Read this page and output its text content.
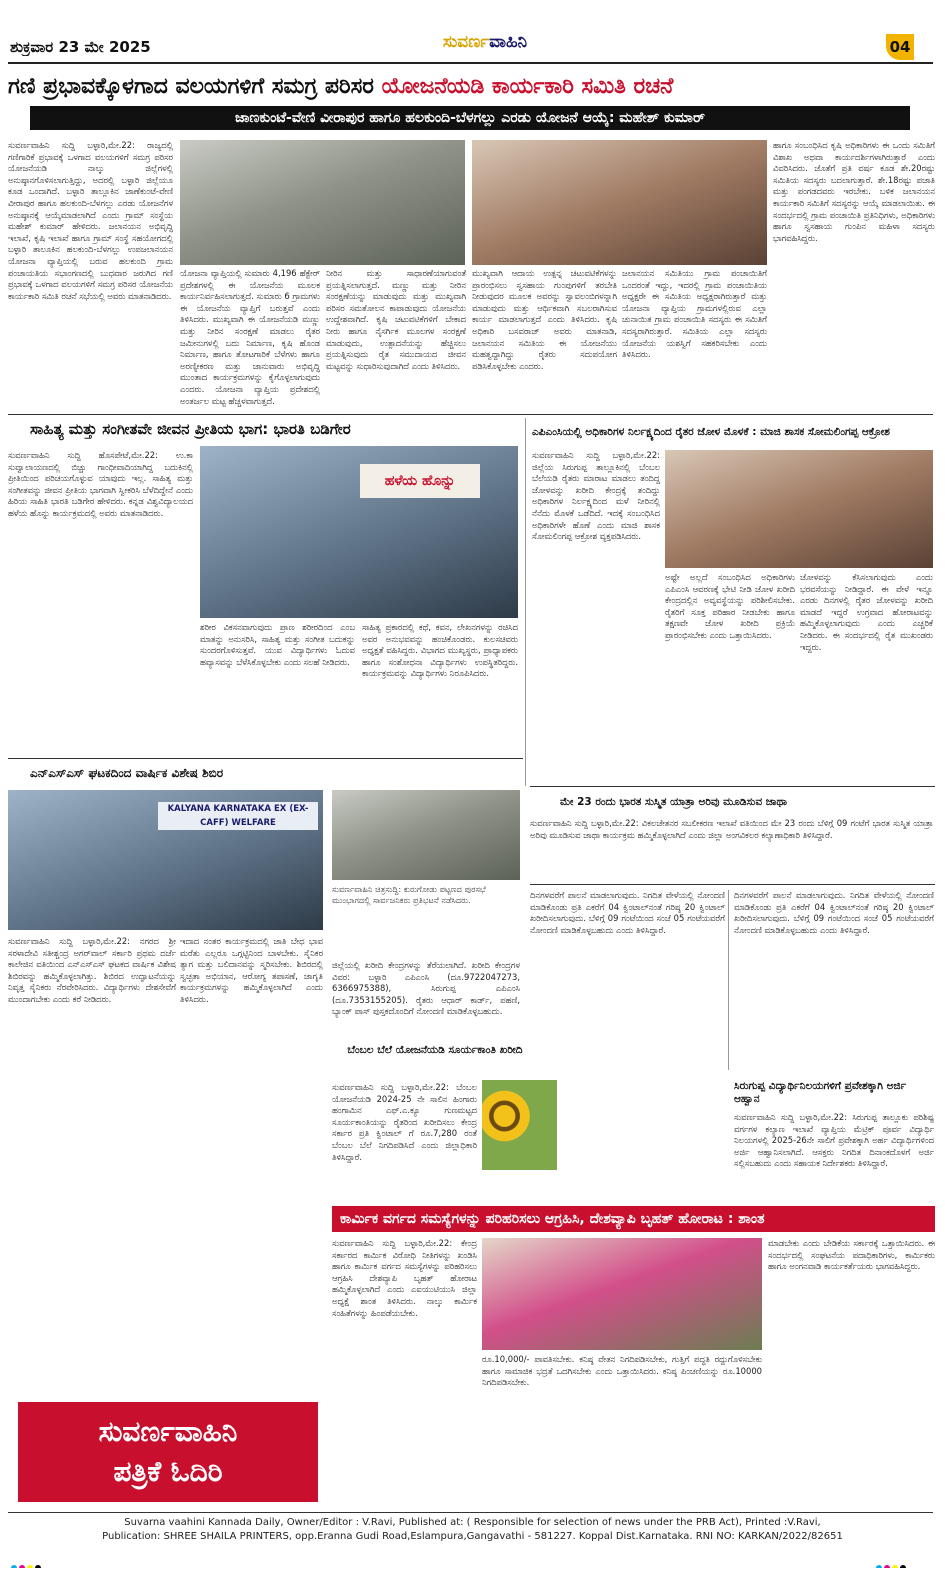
ಶುಕ್ರವಾರ 23 ಮೇ 2025	ಸುವರ್ಣವಾಹಿನಿ	04
ಗಣಿ ಪ್ರಭಾವಕ್ಕೊಳಗಾದ ವಲಯಗಳಿಗೆ ಸಮಗ್ರ ಪರಿಸರ ಯೋಜನೆಯಡಿ ಕಾರ್ಯಕಾರಿ ಸಮಿತಿ ರಚನೆ
ಜಾಣಕುಂಟೆ-ವೇಣಿ ವೀರಾಪುರ ಹಾಗೂ ಹಲಕುಂದಿ-ಬೆಳಗಲ್ಲು ಎರಡು ಯೋಜನೆ ಆಯ್ಕೆ: ಮಹೇಶ್ ಕುಮಾರ್
ಸುವರ್ಣವಾಹಿನಿ ಸುದ್ದಿ ಬಳ್ಳಾರಿ,ಮೇ.22: ರಾಜ್ಯದಲ್ಲಿ ಗಣಿಗಾರಿಕೆ ಪ್ರಭಾವಕ್ಕೆ ಒಳಗಾದ ವಲಯಗಳಿಗೆ ಸಮಗ್ರ ಪರಿಸರ ಯೋಜನೆಯಡಿ ನಾಲ್ಕು ಜಿಲ್ಲೆಗಳಲ್ಲಿ ಅನುಷ್ಠಾನಗೊಳಿಸಲಾಗುತ್ತಿದ್ದು, ಅದರಲ್ಲಿ ಬಳ್ಳಾರಿ ಜಿಲ್ಲೆಯೂ ಕೂಡ ಒಂದಾಗಿದೆ. ಬಳ್ಳಾರಿ ತಾಲ್ಲೂಕಿನ ಜಾಣೆಕುಂಟೆ-ವೇಣಿ ವೀರಾಪುರ ಹಾಗೂ ಹಲಕುಂದಿ-ಬೆಳಗಲ್ಲು ಎರಡು ಯೋಜನೆಗಳ ಅನುಷ್ಠಾನಕ್ಕೆ ಆಯ್ಕೆಮಾಡಲಾಗಿದೆ ಎಂದು ಗ್ರಾಮ್ ಸಂಸ್ಥೆಯ ಮಹೇಶ್ ಕುಮಾರ್ ಹೇಳಿದರು. ಜಲಾನಯನ ಅಭಿವೃದ್ಧಿ ಇಲಾಖೆ, ಕೃಷಿ ಇಲಾಖೆ ಹಾಗೂ ಗ್ರಾಮ್ ಸಂಸ್ಥೆ ಸಹಯೋಗದಲ್ಲಿ ಬಳ್ಳಾರಿ ತಾಲೂಕಿನ ಹಲಕುಂದಿ-ಬೆಳಗಲ್ಲು ಉಪಜಲಾನಯನ ಯೋಜನಾ ವ್ಯಾಪ್ತಿಯಲ್ಲಿ ಬರುವ ಹಲಕುಂದಿ ಗ್ರಾಮ ಪಂಚಾಯತಿಯ ಸಭಾಂಗಣದಲ್ಲಿ ಬುಧವಾರ ಜರುಗಿದ ಗಣಿ ಪ್ರಭಾವಕ್ಕೆ ಒಳಗಾದ ವಲಯಗಳಿಗೆ ಸಮಗ್ರ ಪರಿಸರ ಯೋಜನೆಯ ಕಾರ್ಯಕಾರಿ ಸಮಿತಿ ರಚನೆ ಸಭೆಯಲ್ಲಿ ಅವರು ಮಾತನಾಡಿದರು.
ಯೋಜನಾ ವ್ಯಾಪ್ತಿಯಲ್ಲಿ ಸುಮಾರು 4,196 ಹೆಕ್ಟೇರ್ ಪ್ರದೇಶಗಳಲ್ಲಿ ಈ ಯೋಜನೆಯ ಮೂಲಕ ಕಾರ್ಯನಿರ್ವಹಿಸಲಾಗುತ್ತದೆ. ಸುಮಾರು 6 ಗ್ರಾಮಗಳು ಈ ಯೋಜನೆಯ ವ್ಯಾಪ್ತಿಗೆ ಬರುತ್ತವೆ ಎಂದು ತಿಳಿಸಿದರು. ಮುಖ್ಯವಾಗಿ ಈ ಯೋಜನೆಯಡಿ ಮಣ್ಣು ಮತ್ತು ನೀರಿನ ಸಂರಕ್ಷಣೆ ಮಾಡಲು ರೈತರ ಜಮೀನುಗಳಲ್ಲಿ ಬದು ನಿರ್ಮಾಣ, ಕೃಷಿ ಹೊಂಡ ನಿರ್ಮಾಣ, ಹಾಗೂ ತೋಟಗಾರಿಕೆ ಬೆಳೆಗಳು ಹಾಗೂ ಅರಣ್ಯೀಕರಣ ಮತ್ತು ಜಾನುವಾರು ಅಭಿವೃದ್ಧಿ ಮುಂತಾದ ಕಾರ್ಯಕ್ರಮಗಳನ್ನು ಕೈಗೊಳ್ಳಲಾಗುವುದು ಎಂದರು. ಯೋಜನಾ ವ್ಯಾಪ್ತಿಯ ಪ್ರದೇಶದಲ್ಲಿ ಅಂತರ್ಜಲ ಮಟ್ಟ ಹೆಚ್ಚಳವಾಗುತ್ತದೆ.
ನೀರಿನ ಮತ್ತು ಸಾಧಾರಣೆಯಾಗುವಂತೆ ಪ್ರಯತ್ನಿಸಲಾಗುತ್ತದೆ. ಮಣ್ಣು ಮತ್ತು ನೀರಿನ ಸಂರಕ್ಷಣೆಯನ್ನು ಮಾಡುವುದು ಮತ್ತು ಮುಖ್ಯವಾಗಿ ಪರಿಸರ ಸಮತೋಲನ ಕಾಪಾಡುವುದು ಯೋಜನೆಯ ಉದ್ದೇಶವಾಗಿದೆ. ಕೃಷಿ ಚಟುವಟಿಕೆಗಳಿಗೆ ಬೇಕಾದ ನೀರು ಹಾಗೂ ನೈಸರ್ಗಿಕ ಮೂಲಗಳ ಸಂರಕ್ಷಣೆ ಮಾಡುವುದು, ಉತ್ಪಾದನೆಯನ್ನು ಹೆಚ್ಚಿಸಲು ಪ್ರಯತ್ನಿಸುವುದು ರೈತ ಸಮುದಾಯದ ಜೀವನ ಮಟ್ಟವನ್ನು ಸುಧಾರಿಸುವುದಾಗಿದೆ ಎಂದು ತಿಳಿಸಿದರು.
ಮುಖ್ಯವಾಗಿ ಆದಾಯ ಉತ್ಪನ್ನ ಚಟುವಟಿಕೆಗಳನ್ನು ಪ್ರಾರಂಭಿಸಲು ಸ್ವಸಹಾಯ ಗುಂಪುಗಳಿಗೆ ತರಬೇತಿ ನೀಡುವುದರ ಮೂಲಕ ಅವರನ್ನು ಸ್ವಾವಲಂಬಿಗಳನ್ನಾಗಿ ಮಾಡುವುದು ಮತ್ತು ಆರ್ಥಿಕವಾಗಿ ಸಬಲರಾಗಿಸುವ ಕಾರ್ಯ ಮಾಡಲಾಗುತ್ತದೆ ಎಂದು ತಿಳಿಸಿದರು. ಕೃಷಿ ಅಧಿಕಾರಿ ಬಸವರಾಜ್ ಅವರು ಮಾತನಾಡಿ, ಜಲಾನಯನ ಸಮಿತಿಯ ಈ ಯೋಜನೆಯು ಮಹತ್ವದ್ದಾಗಿದ್ದು ರೈತರು ಸದುಪಯೋಗ ಪಡಿಸಿಕೊಳ್ಳಬೇಕು ಎಂದರು.
ಜಲಾನಯನ ಸಮಿತಿಯು ಗ್ರಾಮ ಪಂಚಾಯಿತಿಗೆ ಒಂದರಂತೆ ಇದ್ದು, ಇದರಲ್ಲಿ ಗ್ರಾಮ ಪಂಚಾಯಿತಿಯ ಅಧ್ಯಕ್ಷರೇ ಈ ಸಮಿತಿಯ ಅಧ್ಯಕ್ಷರಾಗಿರುತ್ತಾರೆ ಮತ್ತು ಯೋಜನಾ ವ್ಯಾಪ್ತಿಯ ಗ್ರಾಮಗಳಲ್ಲಿರುವ ಎಲ್ಲಾ ಚುನಾಯಿತ ಗ್ರಾಮ ಪಂಚಾಯಿತಿ ಸದಸ್ಯರು ಈ ಸಮಿತಿಗೆ ಸದಸ್ಯರಾಗಿರುತ್ತಾರೆ. ಸಮಿತಿಯ ಎಲ್ಲಾ ಸದಸ್ಯರು ಯೋಜನೆಯ ಯಶಸ್ವಿಗೆ ಸಹಕರಿಸಬೇಕು ಎಂದು ತಿಳಿಸಿದರು.
ಹಾಗೂ ಸಂಬಂಧಿಸಿದ ಕೃಷಿ ಅಧಿಕಾರಿಗಳು ಈ ಒಂದು ಸಮಿತಿಗೆ ವಿಶಾಖ ಅಥವಾ ಕಾರ್ಯದರ್ಶಿಗಳಾಗಿರುತ್ತಾರೆ ಎಂದು ವಿವರಿಸಿದರು. ಜೊತೆಗೆ ಪ್ರತಿ ವರ್ಷ ಕೂಡ ಶೇ.20ರಷ್ಟು ಸಮಿತಿಯ ಸದಸ್ಯರು ಬದಲಾಗುತ್ತಾರೆ. ಶೇ.18ರಷ್ಟು ಪಜಾತಿ ಮತ್ತು ಪಂಗಡದವರು ಇರಬೇಕು. ಬಳಿಕ ಜಲಾನಯನ ಕಾರ್ಯಕಾರಿ ಸಮಿತಿಗೆ ಸದಸ್ಯರನ್ನು ಆಯ್ಕೆ ಮಾಡಲಾಯಿತು. ಈ ಸಂದರ್ಭದಲ್ಲಿ ಗ್ರಾಮ ಪಂಚಾಯಿತಿ ಪ್ರತಿನಿಧಿಗಳು, ಅಧಿಕಾರಿಗಳು ಹಾಗೂ ಸ್ವಸಹಾಯ ಗುಂಪಿನ ಮಹಿಳಾ ಸದಸ್ಯರು ಭಾಗವಹಿಸಿದ್ದರು.
ಸಾಹಿತ್ಯ ಮತ್ತು ಸಂಗೀತವೇ ಜೀವನ ಪ್ರೀತಿಯ ಭಾಗ: ಭಾರತಿ ಬಡಿಗೇರ
ಸುವರ್ಣವಾಹಿನಿ ಸುದ್ದಿ ಹೊಸಪೇಟೆ,ಮೇ.22: ಉ.ಕಾ ಸುವ್ವಾಲಾಯಣದಲ್ಲಿ ಬಿಚ್ಚು ಗಾಂಧೀವಾದಿಯಾಗಿದ್ದ ಬದುಕಿನಲ್ಲಿ ಪ್ರೀತಿಯಿಂದ ಪರಿಚಯಗೊಳ್ಳುವ ಯಾವುದು ಇಲ್ಲ. ಸಾಹಿತ್ಯ ಮತ್ತು ಸಂಗೀತವನ್ನು ಜೀವನ ಪ್ರೀತಿಯ ಭಾಗವಾಗಿ ಸ್ವೀಕರಿಸಿ ಬೆಳೆದಿದ್ದೇನೆ ಎಂದು ಹಿರಿಯ ಸಾಹಿತಿ ಭಾರತಿ ಬಡಿಗೇರ ಹೇಳಿದರು. ಕನ್ನಡ ವಿಶ್ವವಿದ್ಯಾಲಯದ ಹಳೆಯ ಹೊನ್ನು ಕಾರ್ಯಕ್ರಮದಲ್ಲಿ ಅವರು ಮಾತನಾಡಿದರು.
ಹಳೆಯ ಹೊನ್ನು
ಶರೀರ ವಿಕಸನವಾಗುವುದು ಪ್ರಾಣ ಶರೀರದಿಂದ ಎಂಬ ಮಾತನ್ನು ಅನುಸರಿಸಿ, ಸಾಹಿತ್ಯ ಮತ್ತು ಸಂಗೀತ ಬದುಕನ್ನು ಸುಂದರಗೊಳಿಸುತ್ತವೆ. ಯುವ ವಿದ್ಯಾರ್ಥಿಗಳು ಓದುವ ಹವ್ಯಾಸವನ್ನು ಬೆಳೆಸಿಕೊಳ್ಳಬೇಕು ಎಂದು ಸಲಹೆ ನೀಡಿದರು.
ಸಾಹಿತ್ಯ ಪ್ರಕಾರದಲ್ಲಿ ಕಥೆ, ಕವನ, ಲೇಖನಗಳನ್ನು ರಚಿಸಿದ ಅವರ ಅನುಭವವನ್ನು ಹಂಚಿಕೊಂಡರು. ಕುಲಸಚಿವರು ಅಧ್ಯಕ್ಷತೆ ವಹಿಸಿದ್ದರು. ವಿಭಾಗದ ಮುಖ್ಯಸ್ಥರು, ಪ್ರಾಧ್ಯಾಪಕರು ಹಾಗೂ ಸಂಶೋಧನಾ ವಿದ್ಯಾರ್ಥಿಗಳು ಉಪಸ್ಥಿತರಿದ್ದರು. ಕಾರ್ಯಕ್ರಮವನ್ನು ವಿದ್ಯಾರ್ಥಿಗಳು ನಿರೂಪಿಸಿದರು.
ಎಪಿಎಂಸಿಯಲ್ಲಿ ಅಧಿಕಾರಿಗಳ ನಿರ್ಲಕ್ಷ್ಯದಿಂದ ರೈತರ ಜೋಳ ಮೊಳಕೆ : ಮಾಜಿ ಶಾಸಕ ಸೋಮಲಿಂಗಪ್ಪ ಆಕ್ರೋಶ
ಸುವರ್ಣವಾಹಿನಿ ಸುದ್ದಿ ಬಳ್ಳಾರಿ,ಮೇ.22: ಜಿಲ್ಲೆಯ ಸಿರುಗುಪ್ಪ ತಾಲ್ಲೂಕಿನಲ್ಲಿ ಬೆಂಬಲ ಬೆಲೆಯಡಿ ರೈತರು ಮಾರಾಟ ಮಾಡಲು ತಂದಿದ್ದ ಜೋಳವನ್ನು ಖರೀದಿ ಕೇಂದ್ರಕ್ಕೆ ತಂದಿದ್ದು ಅಧಿಕಾರಿಗಳ ನಿರ್ಲಕ್ಷ್ಯದಿಂದ ಮಳೆ ನೀರಿನಲ್ಲಿ ನೆನೆದು ಮೊಳಕೆ ಒಡೆದಿದೆ. ಇದಕ್ಕೆ ಸಂಬಂಧಿಸಿದ ಅಧಿಕಾರಿಗಳೇ ಹೊಣೆ ಎಂದು ಮಾಜಿ ಶಾಸಕ ಸೋಮಲಿಂಗಪ್ಪ ಆಕ್ರೋಶ ವ್ಯಕ್ತಪಡಿಸಿದರು.
ಅಷ್ಟೇ ಅಲ್ಲದೆ ಸಂಬಂಧಿಸಿದ ಅಧಿಕಾರಿಗಳು ಎಪಿಎಂಸಿ ಆವರಣಕ್ಕೆ ಭೇಟಿ ನೀಡಿ ಜೋಳ ಖರೀದಿ ಕೇಂದ್ರದಲ್ಲಿನ ಅವ್ಯವಸ್ಥೆಯನ್ನು ಪರಿಶೀಲಿಸಬೇಕು. ರೈತರಿಗೆ ಸೂಕ್ತ ಪರಿಹಾರ ನೀಡಬೇಕು ಹಾಗೂ ತಕ್ಷಣವೇ ಜೋಳ ಖರೀದಿ ಪ್ರಕ್ರಿಯೆ ಪ್ರಾರಂಭಿಸಬೇಕು ಎಂದು ಒತ್ತಾಯಿಸಿದರು.
ಜೋಳವನ್ನು ಕೆಸಿಸಲಾಗುವುದು ಎಂದು ಭರವಸೆಯನ್ನು ನೀಡಿದ್ದಾರೆ. ಈ ವೇಳೆ ಇನ್ನೂ ಎರಡು ದಿನಗಳಲ್ಲಿ ರೈತರ ಜೋಳವನ್ನು ಖರೀದಿ ಮಾಡದೆ ಇದ್ದರೆ ಉಗ್ರವಾದ ಹೋರಾಟವನ್ನು ಹಮ್ಮಿಕೊಳ್ಳಲಾಗುವುದು ಎಂದು ಎಚ್ಚರಿಕೆ ನೀಡಿದರು. ಈ ಸಂದರ್ಭದಲ್ಲಿ ರೈತ ಮುಖಂಡರು ಇದ್ದರು.
ಎನ್‌ಎಸ್‌ಎಸ್ ಘಟಕದಿಂದ ವಾರ್ಷಿಕ ವಿಶೇಷ ಶಿಬಿರ
KALYANA KARNATAKA EX (EX-CAFF) WELFARE
ಸುವರ್ಣವಾಹಿನಿ ಸುದ್ದಿ ಬಳ್ಳಾರಿ,ಮೇ.22: ನಗರದ ಶ್ರೀ ಸರಳಾದೇವಿ ಸತೀಶ್ಚಂದ್ರ ಅಗರ್‌ವಾಲ್ ಸರ್ಕಾರಿ ಪ್ರಥಮ ದರ್ಜೆ ಕಾಲೇಜಿನ ವತಿಯಿಂದ ಎನ್‌ಎಸ್‌ಎಸ್ ಘಟಕದ ವಾರ್ಷಿಕ ವಿಶೇಷ ಶಿಬಿರವನ್ನು ಹಮ್ಮಿಕೊಳ್ಳಲಾಗಿತ್ತು. ಶಿಬಿರದ ಉದ್ಘಾಟನೆಯನ್ನು ನಿವೃತ್ತ ಸೈನಿಕರು ನೆರವೇರಿಸಿದರು. ವಿದ್ಯಾರ್ಥಿಗಳು ದೇಶಸೇವೆಗೆ ಮುಂದಾಗಬೇಕು ಎಂದು ಕರೆ ನೀಡಿದರು.
ಇದಾದ ನಂತರ ಕಾರ್ಯಕ್ರಮದಲ್ಲಿ ಜಾತಿ ಬೇಧ ಭಾವ ಮರೆತು ಎಲ್ಲರೂ ಒಗ್ಗಟ್ಟಿನಿಂದ ಬಾಳಬೇಕು. ಸೈನಿಕರ ತ್ಯಾಗ ಮತ್ತು ಬಲಿದಾನವನ್ನು ಸ್ಮರಿಸಬೇಕು. ಶಿಬಿರದಲ್ಲಿ ಸ್ವಚ್ಛತಾ ಅಭಿಯಾನ, ಆರೋಗ್ಯ ತಪಾಸಣೆ, ಜಾಗೃತಿ ಕಾರ್ಯಕ್ರಮಗಳನ್ನು ಹಮ್ಮಿಕೊಳ್ಳಲಾಗಿದೆ ಎಂದು ತಿಳಿಸಿದರು.
ಸುವರ್ಣವಾಹಿನಿ ಚಿತ್ರಸುದ್ದಿ: ಕುರುಗೋಡು ಪಟ್ಟಣದ ಪುರಸಭೆ ಮುಂಭಾಗದಲ್ಲಿ ಸಾರ್ವಜನಿಕರು ಪ್ರತಿಭಟನೆ ನಡೆಸಿದರು.
ಮೇ 23 ರಂದು ಭಾರತ ಸುಸ್ಮಿತ ಯಾತ್ರಾ ಅರಿವು ಮೂಡಿಸುವ ಜಾಥಾ
ಸುವರ್ಣವಾಹಿನಿ ಸುದ್ದಿ ಬಳ್ಳಾರಿ,ಮೇ.22: ವಿಕಲಚೇತನರ ಸಬಲೀಕರಣ ಇಲಾಖೆ ವತಿಯಿಂದ ಮೇ 23 ರಂದು ಬೆಳಿಗ್ಗೆ 09 ಗಂಟೆಗೆ ಭಾರತ ಸುಸ್ಮಿತ ಯಾತ್ರಾ ಅರಿವು ಮೂಡಿಸುವ ಜಾಥಾ ಕಾರ್ಯಕ್ರಮ ಹಮ್ಮಿಕೊಳ್ಳಲಾಗಿದೆ ಎಂದು ಜಿಲ್ಲಾ ಅಂಗವಿಕಲರ ಕಲ್ಯಾಣಾಧಿಕಾರಿ ತಿಳಿಸಿದ್ದಾರೆ.
ಜಿಲ್ಲೆಯಲ್ಲಿ ಖರೀದಿ ಕೇಂದ್ರಗಳನ್ನು ತೆರೆಯಲಾಗಿದೆ. ಖರೀದಿ ಕೇಂದ್ರಗಳ ವಿವರ: ಬಳ್ಳಾರಿ ಎಪಿಎಂಸಿ (ದೂ.9722047273, 6366975388), ಸಿರುಗುಪ್ಪ ಎಪಿಎಂಸಿ (ದೂ.7353155205). ರೈತರು ಆಧಾರ್ ಕಾರ್ಡ್, ಪಹಣಿ, ಬ್ಯಾಂಕ್ ಪಾಸ್ ಪುಸ್ತಕದೊಂದಿಗೆ ನೋಂದಣಿ ಮಾಡಿಕೊಳ್ಳಬಹುದು.
ದಿನಗಳವರೆಗೆ ಪಾಲನೆ ಮಾಡಲಾಗುವುದು. ನಿಗದಿತ ವೇಳೆಯಲ್ಲಿ ನೋಂದಣಿ ಮಾಡಿಕೊಂಡು ಪ್ರತಿ ಎಕರೆಗೆ 04 ಕ್ವಿಂಟಾಲ್‌ನಂತೆ ಗರಿಷ್ಠ 20 ಕ್ವಿಂಟಾಲ್ ಖರೀದಿಸಲಾಗುವುದು. ಬೆಳಿಗ್ಗೆ 09 ಗಂಟೆಯಿಂದ ಸಂಜೆ 05 ಗಂಟೆಯವರೆಗೆ ನೋಂದಣಿ ಮಾಡಿಕೊಳ್ಳಬಹುದು ಎಂದು ತಿಳಿಸಿದ್ದಾರೆ.
ಬೆಂಬಲ ಬೆಲೆ ಯೋಜನೆಯಡಿ ಸೂರ್ಯಕಾಂತಿ ಖರೀದಿ
ಸುವರ್ಣವಾಹಿನಿ ಸುದ್ದಿ ಬಳ್ಳಾರಿ,ಮೇ.22: ಬೆಂಬಲ ಯೋಜನೆಯಡಿ 2024-25 ನೇ ಸಾಲಿನ ಹಿಂಗಾರು ಹಂಗಾಮಿನ ಎಫ್.ಎ.ಕ್ಯೂ ಗುಣಮಟ್ಟದ ಸೂರ್ಯಕಾಂತಿಯನ್ನು ರೈತರಿಂದ ಖರೀದಿಸಲು ಕೇಂದ್ರ ಸರ್ಕಾರ ಪ್ರತಿ ಕ್ವಿಂಟಾಲ್ ಗೆ ರೂ.7,280 ರಂತೆ ಬೆಂಬಲ ಬೆಲೆ ನಿಗದಿಪಡಿಸಿದೆ ಎಂದು ಜಿಲ್ಲಾಧಿಕಾರಿ ತಿಳಿಸಿದ್ದಾರೆ.
ಸಿರುಗುಪ್ಪ ವಿದ್ಯಾರ್ಥಿನಿಲಯಗಳಿಗೆ ಪ್ರವೇಶಕ್ಕಾಗಿ ಅರ್ಜಿ ಆಹ್ವಾನ
ಸುವರ್ಣವಾಹಿನಿ ಸುದ್ದಿ ಬಳ್ಳಾರಿ,ಮೇ.22: ಸಿರುಗುಪ್ಪ ತಾಲ್ಲೂಕು ಪರಿಶಿಷ್ಟ ವರ್ಗಗಳ ಕಲ್ಯಾಣ ಇಲಾಖೆ ವ್ಯಾಪ್ತಿಯ ಮೆಟ್ರಿಕ್ ಪೂರ್ವ ವಿದ್ಯಾರ್ಥಿ ನಿಲಯಗಳಲ್ಲಿ 2025-26ನೇ ಸಾಲಿಗೆ ಪ್ರವೇಶಕ್ಕಾಗಿ ಅರ್ಹ ವಿದ್ಯಾರ್ಥಿಗಳಿಂದ ಅರ್ಜಿ ಆಹ್ವಾನಿಸಲಾಗಿದೆ. ಆಸಕ್ತರು ನಿಗದಿತ ದಿನಾಂಕದೊಳಗೆ ಅರ್ಜಿ ಸಲ್ಲಿಸಬಹುದು ಎಂದು ಸಹಾಯಕ ನಿರ್ದೇಶಕರು ತಿಳಿಸಿದ್ದಾರೆ.
ದಿನಗಳವರೆಗೆ ಪಾಲನೆ ಮಾಡಲಾಗುವುದು. ನಿಗದಿತ ವೇಳೆಯಲ್ಲಿ ನೋಂದಣಿ ಮಾಡಿಕೊಂಡು ಪ್ರತಿ ಎಕರೆಗೆ 04 ಕ್ವಿಂಟಾಲ್‌ನಂತೆ ಗರಿಷ್ಠ 20 ಕ್ವಿಂಟಾಲ್ ಖರೀದಿಸಲಾಗುವುದು. ಬೆಳಿಗ್ಗೆ 09 ಗಂಟೆಯಿಂದ ಸಂಜೆ 05 ಗಂಟೆಯವರೆಗೆ ನೋಂದಣಿ ಮಾಡಿಕೊಳ್ಳಬಹುದು ಎಂದು ತಿಳಿಸಿದ್ದಾರೆ.
ಕಾರ್ಮಿಕ ವರ್ಗದ ಸಮಸ್ಯೆಗಳನ್ನು ಪರಿಹರಿಸಲು ಆಗ್ರಹಿಸಿ, ದೇಶವ್ಯಾಪಿ ಬೃಹತ್ ಹೋರಾಟ : ಶಾಂತ
ಸುವರ್ಣವಾಹಿನಿ ಸುದ್ದಿ ಬಳ್ಳಾರಿ,ಮೇ.22: ಕೇಂದ್ರ ಸರ್ಕಾರದ ಕಾರ್ಮಿಕ ವಿರೋಧಿ ನೀತಿಗಳನ್ನು ಖಂಡಿಸಿ ಹಾಗೂ ಕಾರ್ಮಿಕ ವರ್ಗದ ಸಮಸ್ಯೆಗಳನ್ನು ಪರಿಹರಿಸಲು ಆಗ್ರಹಿಸಿ ದೇಶವ್ಯಾಪಿ ಬೃಹತ್ ಹೋರಾಟ ಹಮ್ಮಿಕೊಳ್ಳಲಾಗಿದೆ ಎಂದು ಎಐಯುಟಿಯುಸಿ ಜಿಲ್ಲಾ ಅಧ್ಯಕ್ಷೆ ಶಾಂತ ತಿಳಿಸಿದರು. ನಾಲ್ಕು ಕಾರ್ಮಿಕ ಸಂಹಿತೆಗಳನ್ನು ಹಿಂಪಡೆಯಬೇಕು.
ರೂ.10,000/- ಪಾವತಿಸಬೇಕು. ಕನಿಷ್ಠ ವೇತನ ನಿಗದಿಪಡಿಸಬೇಕು, ಗುತ್ತಿಗೆ ಪದ್ಧತಿ ರದ್ದುಗೊಳಿಸಬೇಕು ಹಾಗೂ ಸಾಮಾಜಿಕ ಭದ್ರತೆ ಒದಗಿಸಬೇಕು ಎಂದು ಒತ್ತಾಯಿಸಿದರು. ಕನಿಷ್ಠ ಪಿಂಚಣಿಯನ್ನು ರೂ.10000 ನಿಗದಿಪಡಿಸಬೇಕು.
ಮಾಡಬೇಕು ಎಂದು ಬೇಡಿಕೆಯ ಸರ್ಕಾರಕ್ಕೆ ಒತ್ತಾಯಿಸಿದರು. ಈ ಸಂದರ್ಭದಲ್ಲಿ ಸಂಘಟನೆಯ ಪದಾಧಿಕಾರಿಗಳು, ಕಾರ್ಮಿಕರು ಹಾಗೂ ಅಂಗನವಾಡಿ ಕಾರ್ಯಕರ್ತೆಯರು ಭಾಗವಹಿಸಿದ್ದರು.
ಸುವರ್ಣವಾಹಿನಿ
ಪತ್ರಿಕೆ ಓದಿರಿ
Suvarna vaahini Kannada Daily, Owner/Editor : V.Ravi, Published at: ( Responsible for selection of news under the PRB Act), Printed :V.Ravi,
Publication: SHREE SHAILA PRINTERS, opp.Eranna Gudi Road,Eslampura,Gangavathi - 581227. Koppal Dist.Karnataka. RNI NO: KARKAN/2022/82651
